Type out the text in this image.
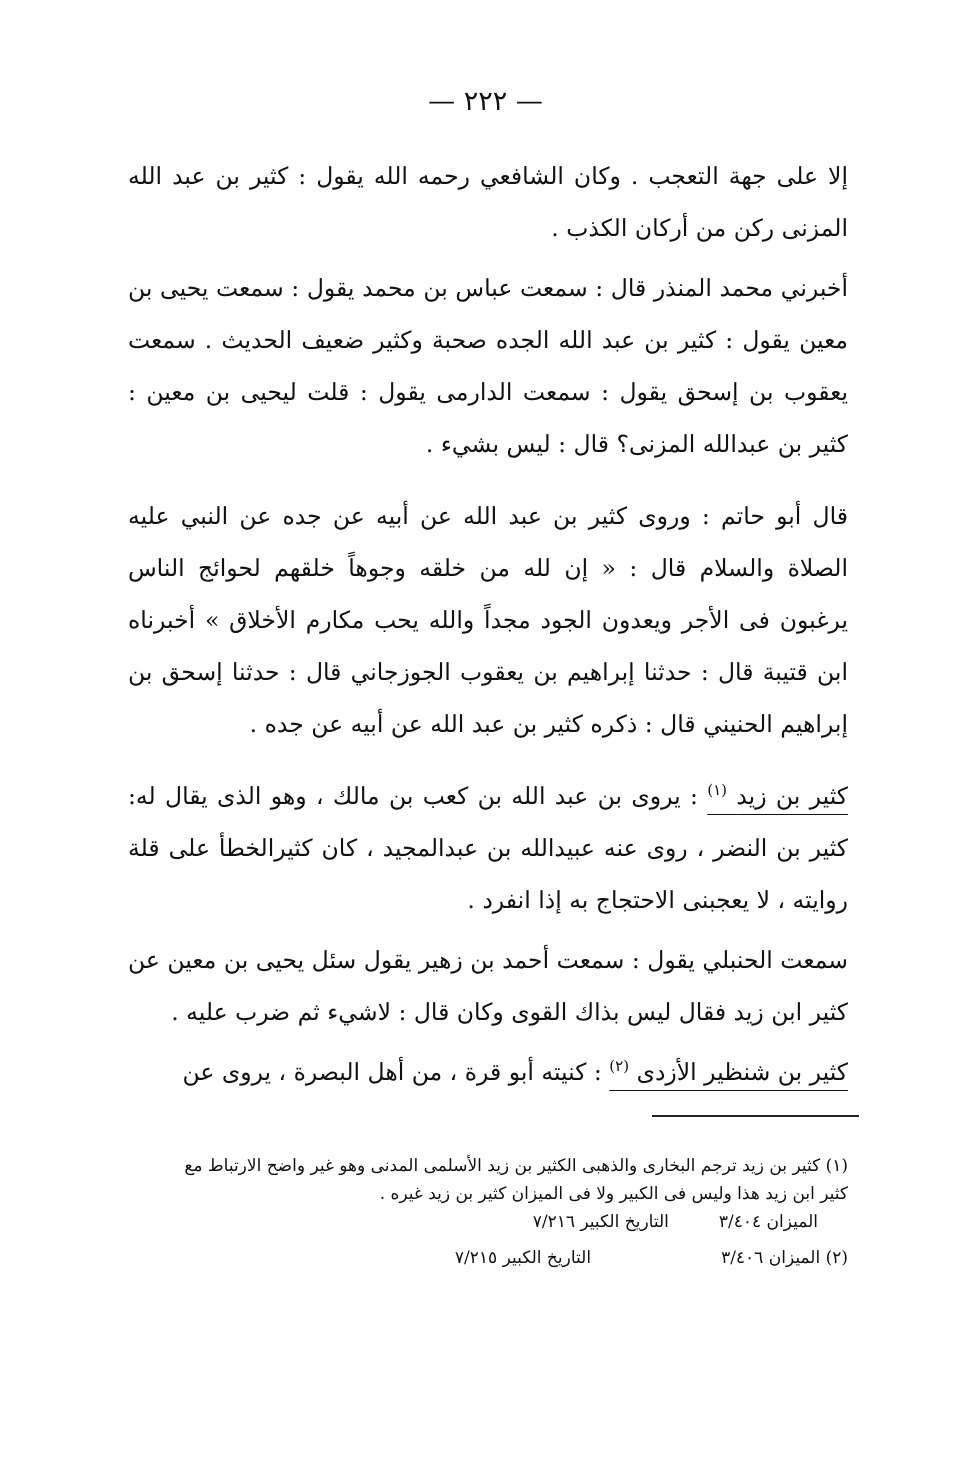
— ٢٢٢ —

إلا على جهة التعجب . وكان الشافعي رحمه الله يقول : كثير بن عبد الله المزنى ركن من أركان الكذب .

أخبرني محمد المنذر قال : سمعت عباس بن محمد يقول : سمعت يحيى بن معين يقول : كثير بن عبد الله الجده صحبة وكثير ضعيف الحديث . سمعت يعقوب بن إسحق يقول : سمعت الدارمى يقول : قلت ليحيى بن معين : كثير بن عبدالله المزنى؟ قال : ليس بشيء .

قال أبو حاتم : وروى كثير بن عبد الله عن أبيه عن جده عن النبي عليه الصلاة والسلام قال : « إن لله من خلقه وجوهاً خلقهم لحوائج الناس يرغبون فى الأجر ويعدون الجود مجداً والله يحب مكارم الأخلاق » أخبرناه ابن قتيبة قال : حدثنا إبراهيم بن يعقوب الجوزجاني قال : حدثنا إسحق بن إبراهيم الحنيني قال : ذكره كثير بن عبد الله عن أبيه عن جده .

كثير بن زيد $^{(١)}$ : يروى بن عبد الله بن كعب بن مالك ، وهو الذى يقال له: كثير بن النضر ، روى عنه عبيدالله بن عبدالمجيد ، كان كثيرالخطأ على قلة روايته ، لا يعجبنى الاحتجاج به إذا انفرد .

سمعت الحنبلي يقول : سمعت أحمد بن زهير يقول سئل يحيى بن معين عن كثير ابن زيد فقال ليس بذاك القوى وكان قال : لاشيء ثم ضرب عليه .

كثير بن شنظير الأزدى $^{(٢)}$ : كنيته أبو قرة ، من أهل البصرة ، يروى عن

(١) كثير بن زيد ترجم البخارى والذهبى الكثير بن زيد الأسلمى المدنى وهو غير واضح الارتباط مع
كثير ابن زيد هذا وليس فى الكبير ولا فى الميزان كثير بن زيد غيره .
الميزان ٣/٤٠٤
التاريخ الكبير ٧/٢١٦
(٢) الميزان ٣/٤٠٦
التاريخ الكبير ٧/٢١٥
